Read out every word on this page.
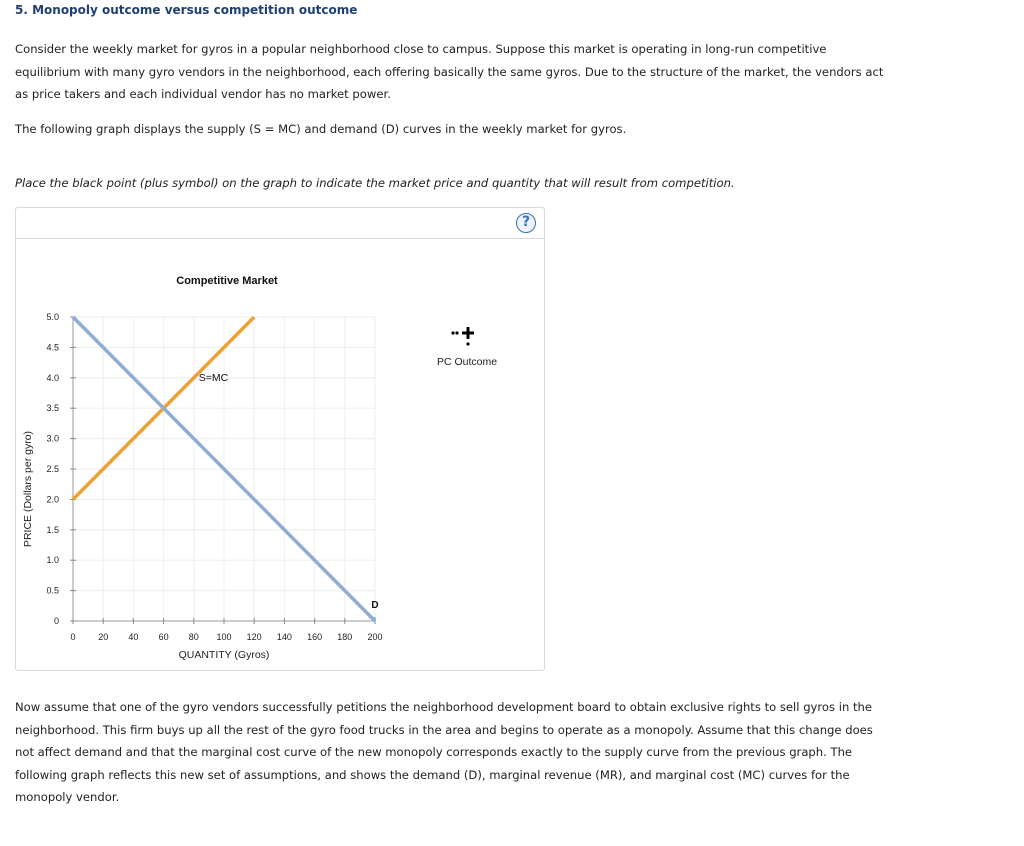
5. Monopoly outcome versus competition outcome

Consider the weekly market for gyros in a popular neighborhood close to campus. Suppose this market is operating in long-run competitive
equilibrium with many gyro vendors in the neighborhood, each offering basically the same gyros. Due to the structure of the market, the vendors act
as price takers and each individual vendor has no market power.

The following graph displays the supply (S = MC) and demand (D) curves in the weekly market for gyros.

Place the black point (plus symbol) on the graph to indicate the market price and quantity that will result from competition.

?
Competitive Market
0	20 40 60 80 100 120 140 160 180 200
0
0.5
1.0
1.5
2.0
2.5
3.0
3.5
4.0
4.5
5.0
S=MC
D
QUANTITY (Gyros)
PRICE (Dollars per gyro)
PC Outcome

Now assume that one of the gyro vendors successfully petitions the neighborhood development board to obtain exclusive rights to sell gyros in the
neighborhood. This firm buys up all the rest of the gyro food trucks in the area and begins to operate as a monopoly. Assume that this change does
not affect demand and that the marginal cost curve of the new monopoly corresponds exactly to the supply curve from the previous graph. The
following graph reflects this new set of assumptions, and shows the demand (D), marginal revenue (MR), and marginal cost (MC) curves for the
monopoly vendor.
